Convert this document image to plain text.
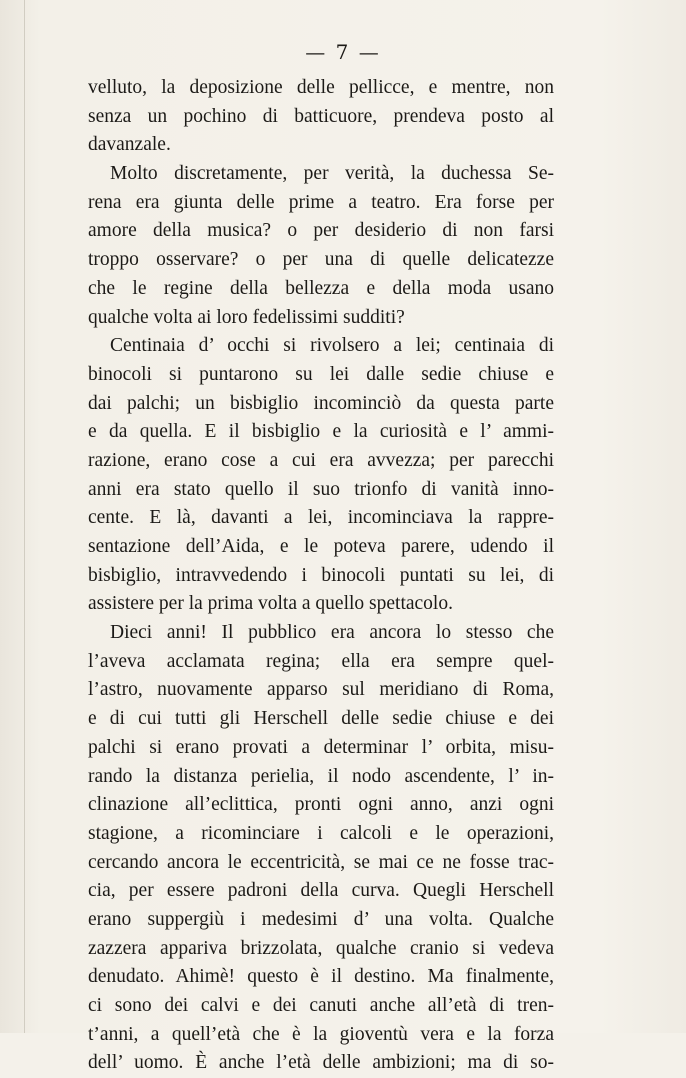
— 7 —
velluto, la deposizione delle pellicce, e mentre, non
senza un pochino di batticuore, prendeva posto al
davanzale.
Molto discretamente, per verità, la duchessa Se-
rena era giunta delle prime a teatro. Era forse per
amore della musica? o per desiderio di non farsi
troppo osservare? o per una di quelle delicatezze
che le regine della bellezza e della moda usano
qualche volta ai loro fedelissimi sudditi?
Centinaia d’ occhi si rivolsero a lei; centinaia di
binocoli si puntarono su lei dalle sedie chiuse e
dai palchi; un bisbiglio incominciò da questa parte
e da quella. E il bisbiglio e la curiosità e l’ ammi-
razione, erano cose a cui era avvezza; per parecchi
anni era stato quello il suo trionfo di vanità inno-
cente. E là, davanti a lei, incominciava la rappre-
sentazione dell’Aida, e le poteva parere, udendo il
bisbiglio, intravvedendo i binocoli puntati su lei, di
assistere per la prima volta a quello spettacolo.
Dieci anni! Il pubblico era ancora lo stesso che
l’aveva acclamata regina; ella era sempre quel-
l’astro, nuovamente apparso sul meridiano di Roma,
e di cui tutti gli Herschell delle sedie chiuse e dei
palchi si erano provati a determinar l’ orbita, misu-
rando la distanza perielia, il nodo ascendente, l’ in-
clinazione all’eclittica, pronti ogni anno, anzi ogni
stagione, a ricominciare i calcoli e le operazioni,
cercando ancora le eccentricità, se mai ce ne fosse trac-
cia, per essere padroni della curva. Quegli Herschell
erano suppergiù i medesimi d’ una volta. Qualche
zazzera appariva brizzolata, qualche cranio si vedeva
denudato. Ahimè! questo è il destino. Ma finalmente,
ci sono dei calvi e dei canuti anche all’età di tren-
t’anni, a quell’età che è la gioventù vera e la forza
dell’ uomo. È anche l’età delle ambizioni; ma di so-
